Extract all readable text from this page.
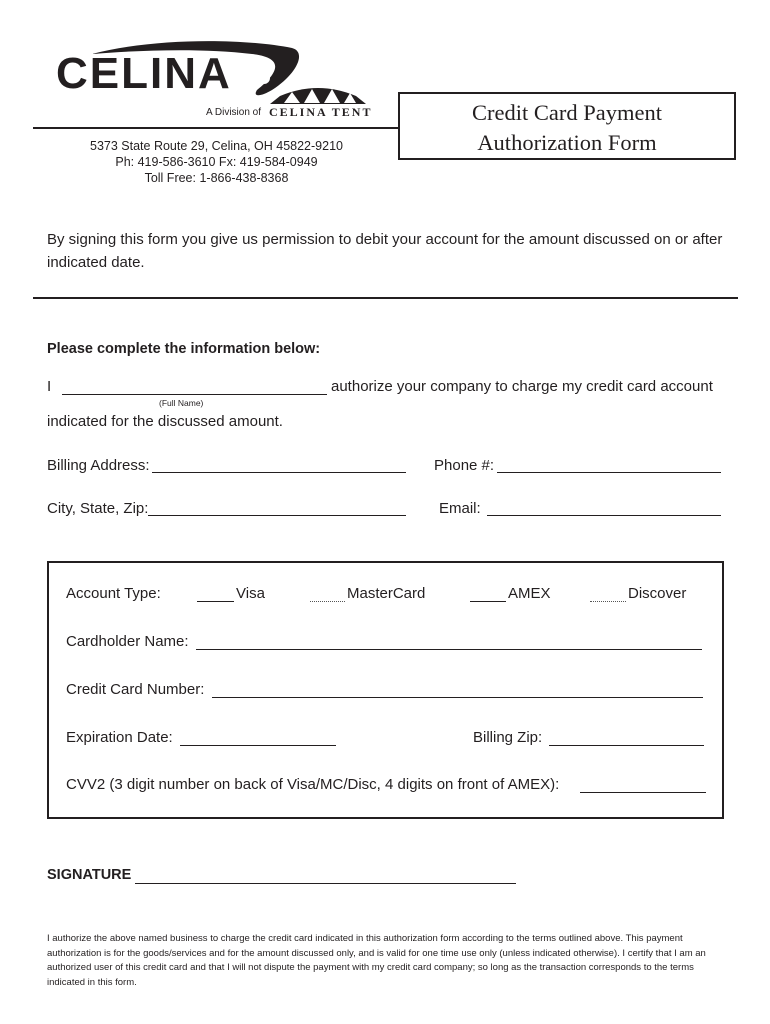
CELINA
A Division of CELINA TENT
5373 State Route 29, Celina, OH 45822-9210
Ph: 419-586-3610 Fx: 419-584-0949
Toll Free: 1-866-438-8368
Credit Card Payment
Authorization Form
By signing this form you give us permission to debit your account for the amount discussed on or after indicated date.
Please complete the information below:
I
(Full Name)
authorize your company to charge my credit card account
indicated for the discussed amount.
Billing Address:	Phone #:
City, State, Zip:	Email:
Account Type:	Visa	MasterCard	AMEX	Discover
Cardholder Name:
Credit Card Number:
Expiration Date:	Billing Zip:
CVV2 (3 digit number on back of Visa/MC/Disc, 4 digits on front of AMEX):
SIGNATURE
I authorize the above named business to charge the credit card indicated in this authorization form according to the terms outlined above. This payment authorization is for the goods/services and for the amount discussed only, and is valid for one time use only (unless indicated otherwise). I certify that I am an authorized user of this credit card and that I will not dispute the payment with my credit card company; so long as the transaction corresponds to the terms indicated in this form.
